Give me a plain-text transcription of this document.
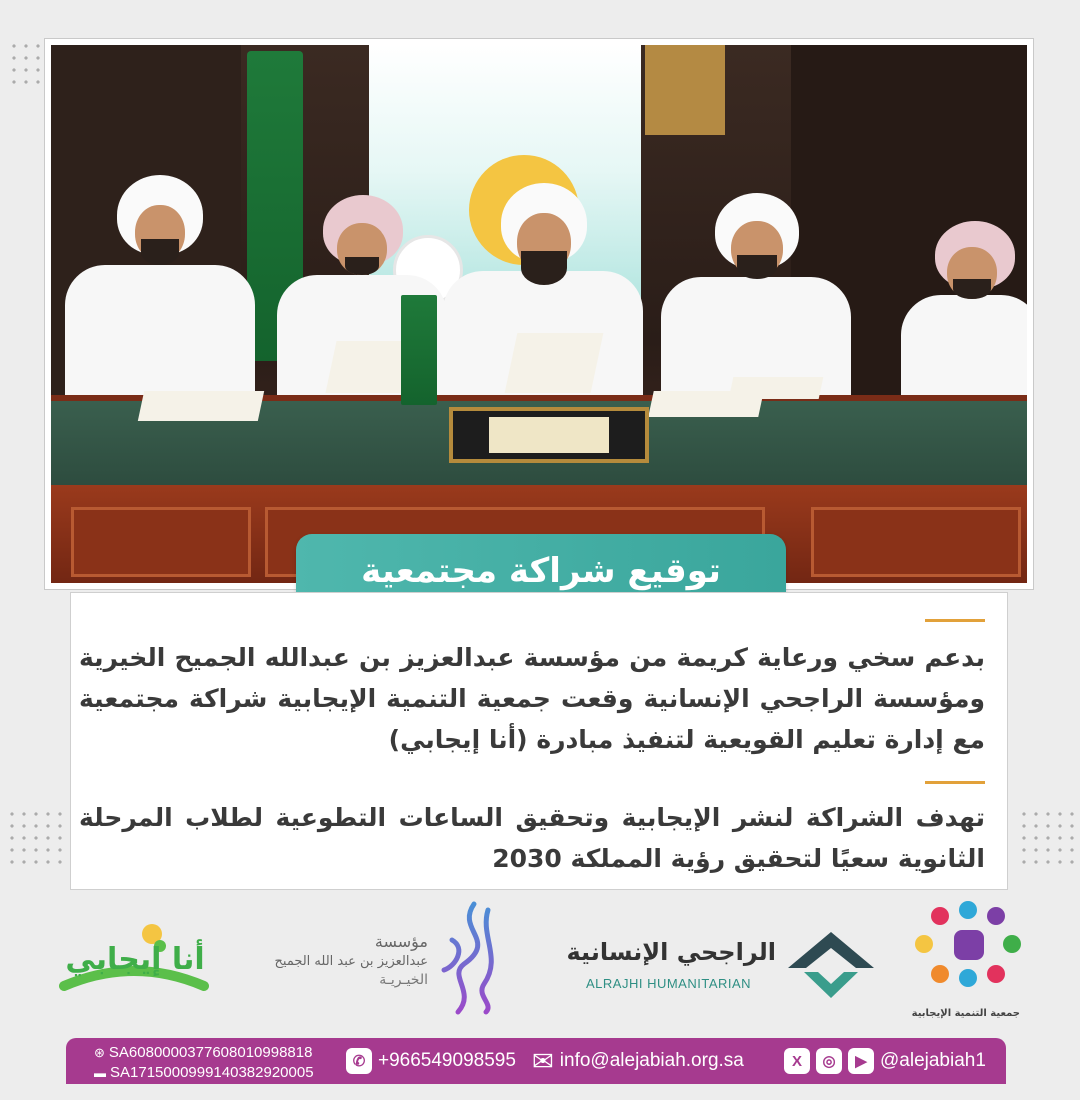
توقيع شراكة مجتمعية

بدعم سخي ورعاية كريمة من مؤسسة عبدالعزيز بن عبدالله الجميح الخيرية ومؤسسة الراجحي الإنسانية وقعت جمعية التنمية الإيجابية شراكة مجتمعية مع إدارة تعليم القويعية لتنفيذ مبادرة (أنا إيجابي)

تهدف الشراكة لنشر الإيجابية وتحقيق الساعات التطوعية لطلاب المرحلة الثانوية سعيًا لتحقيق رؤية المملكة 2030

أنا إيجابي
مؤسسة
عبدالعزيز بن عبد الله الجميح
الخيـريـة
الراجحي الإنسانية
ALRAJHI HUMANITARIAN
جمعية التنمية الإيجابية
⊛ SA6080000377608010998818
▬ SA1715000999140382920005
✆ +966549098595 ✉ info@alejabiah.org.sa	X	◎	▶ @alejabiah1
